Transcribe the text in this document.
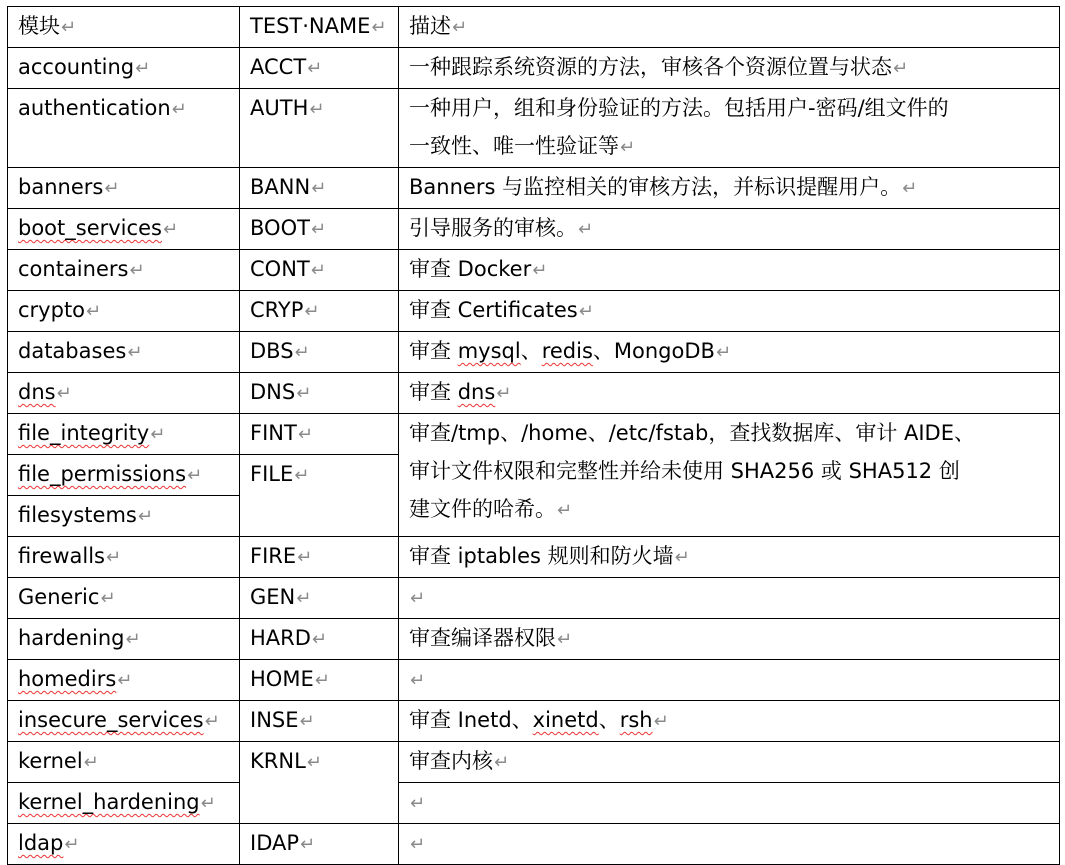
模块↵	TEST·NAME↵	描述↵
accounting↵	ACCT↵	一种跟踪系统资源的方法，审核各个资源位置与状态↵
authentication↵	AUTH↵	一种用户，组和身份验证的方法。包括用户-密码/组文件的
一致性、唯一性验证等↵
banners↵	BANN↵	Banners 与监控相关的审核方法，并标识提醒用户。↵
boot_services↵	BOOT↵	引导服务的审核。↵
containers↵	CONT↵	审查 Docker↵
crypto↵	CRYP↵	审查 Certificates↵
databases↵	DBS↵	审查 mysql、redis、MongoDB↵
dns↵	DNS↵	审查 dns↵
file_integrity↵	FINT↵	审查/tmp、/home、/etc/fstab，查找数据库、审计 AIDE、
审计文件权限和完整性并给未使用 SHA256 或 SHA512 创
建文件的哈希。↵
file_permissions↵	FILE↵	
filesystems↵		
firewalls↵	FIRE↵	审查 iptables 规则和防火墙↵
Generic↵	GEN↵	↵
hardening↵	HARD↵	审查编译器权限↵
homedirs↵	HOME↵	↵
insecure_services↵	INSE↵	审查 Inetd、xinetd、rsh↵
kernel↵	KRNL↵	审查内核↵
kernel_hardening↵		↵
ldap↵	IDAP↵	↵
